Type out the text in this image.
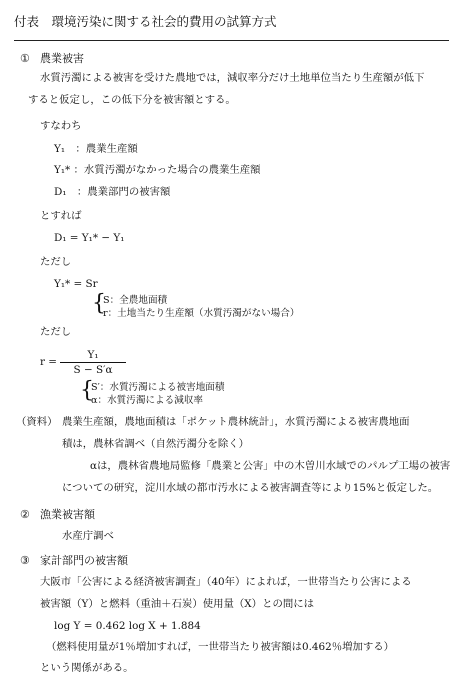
付表　環境汚染に関する社会的費用の試算方式
① 農業被害
水質汚濁による被害を受けた農地では，減収率分だけ土地単位当たり生産額が低下
すると仮定し，この低下分を被害額とする。
すなわち
Y₁　：農業生産額
Y₁* ：水質汚濁がなかった場合の農業生産額
D₁　：農業部門の被害額
とすれば
D₁ = Y₁* − Y₁
ただし
Y₁* = Sr
{
S：全農地面積
r：土地当たり生産額（水質汚濁がない場合）
ただし
r =
Y₁
S − S′α
{
S′：水質汚濁による被害地面積
α：水質汚濁による減収率
（資料） 農業生産額，農地面積は「ポケット農林統計」，水質汚濁による被害農地面
積は，農林省調べ（自然汚濁分を除く）
αは，農林省農地局監修「農業と公害」中の木曽川水域でのパルプ工場の被害
についての研究，淀川水域の都市汚水による被害調査等により15%と仮定した。
② 漁業被害額
水産庁調べ
③ 家計部門の被害額
大阪市「公害による経済被害調査」（40年）によれば，一世帯当たり公害による
被害額（Y）と燃料（重油＋石炭）使用量（X）との間には
log Y = 0.462 log X + 1.884
（燃料使用量が1％増加すれば，一世帯当たり被害額は0.462％増加する）
という関係がある。
